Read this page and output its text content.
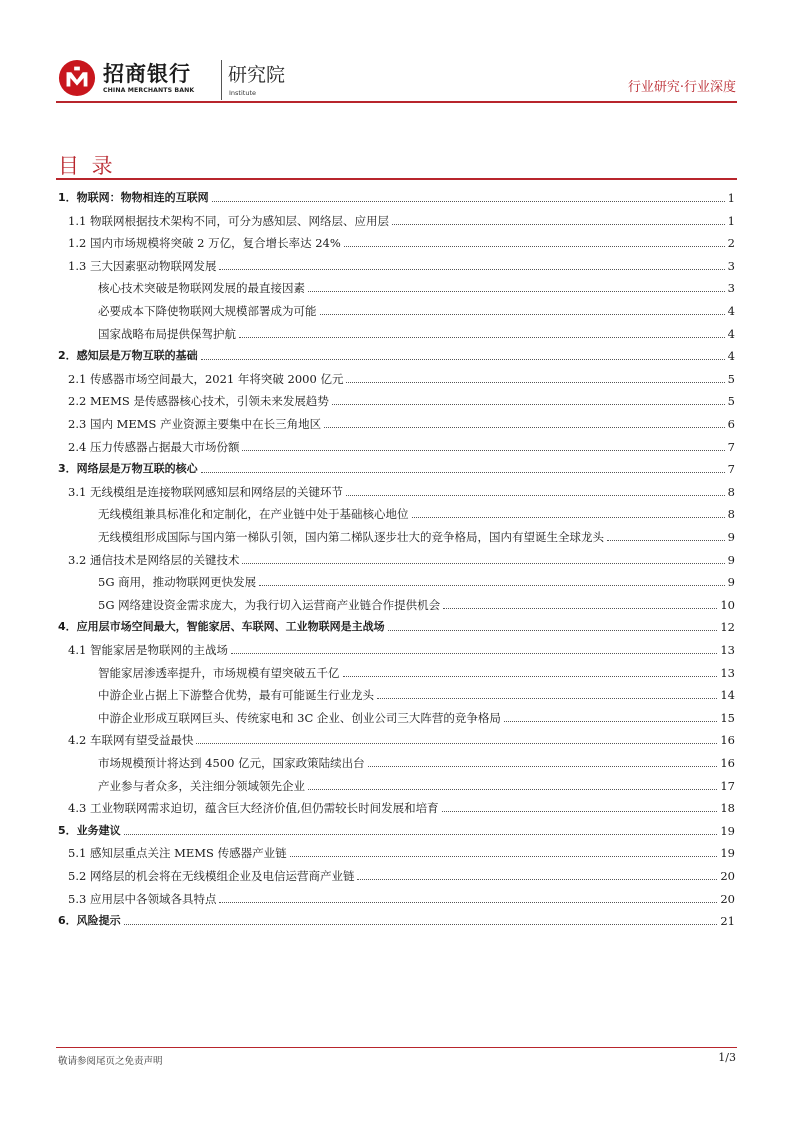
招商银行
CHINA MERCHANTS BANK
研究院
Institute	行业研究·行业深度
目 录
1．物联网：物物相连的互联网	1
1.1 物联网根据技术架构不同，可分为感知层、网络层、应用层	1
1.2 国内市场规模将突破 2 万亿，复合增长率达 24%	2
1.3 三大因素驱动物联网发展	3
核心技术突破是物联网发展的最直接因素	3
必要成本下降使物联网大规模部署成为可能	4
国家战略布局提供保驾护航	4
2．感知层是万物互联的基础	4
2.1 传感器市场空间最大，2021 年将突破 2000 亿元	5
2.2 MEMS 是传感器核心技术，引领未来发展趋势	5
2.3 国内 MEMS 产业资源主要集中在长三角地区	6
2.4 压力传感器占据最大市场份额	7
3．网络层是万物互联的核心	7
3.1 无线模组是连接物联网感知层和网络层的关键环节	8
无线模组兼具标准化和定制化，在产业链中处于基础核心地位	8
无线模组形成国际与国内第一梯队引领，国内第二梯队逐步壮大的竞争格局，国内有望诞生全球龙头	9
3.2 通信技术是网络层的关键技术	9
5G 商用，推动物联网更快发展	9
5G 网络建设资金需求庞大，为我行切入运营商产业链合作提供机会	10
4．应用层市场空间最大，智能家居、车联网、工业物联网是主战场	12
4.1 智能家居是物联网的主战场	13
智能家居渗透率提升，市场规模有望突破五千亿	13
中游企业占据上下游整合优势，最有可能诞生行业龙头	14
中游企业形成互联网巨头、传统家电和 3C 企业、创业公司三大阵营的竞争格局	15
4.2 车联网有望受益最快	16
市场规模预计将达到 4500 亿元，国家政策陆续出台	16
产业参与者众多，关注细分领域领先企业	17
4.3 工业物联网需求迫切，蕴含巨大经济价值,但仍需较长时间发展和培育	18
5．业务建议	19
5.1 感知层重点关注 MEMS 传感器产业链	19
5.2 网络层的机会将在无线模组企业及电信运营商产业链	20
5.3 应用层中各领域各具特点	20
6．风险提示	21
敬请参阅尾页之免责声明	1/3
